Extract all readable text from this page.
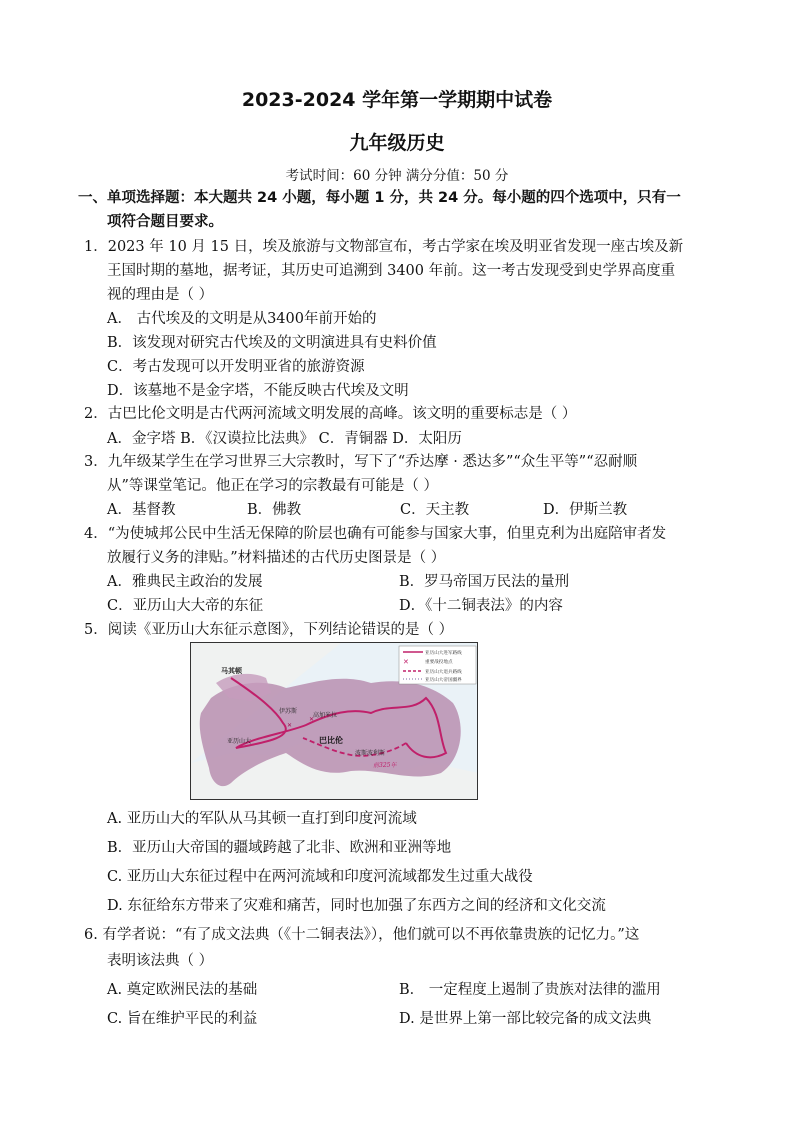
2023-2024 学年第一学期期中试卷
九年级历史
考试时间：60 分钟 满分分值：50 分
一、单项选择题：本大题共 24 小题，每小题 1 分，共 24 分。每小题的四个选项中，只有一
项符合题目要求。
1．2023 年 10 月 15 日，埃及旅游与文物部宣布，考古学家在埃及明亚省发现一座古埃及新
王国时期的墓地，据考证，其历史可追溯到 3400 年前。这一考古发现受到史学界高度重
视的理由是（ ）
A． 古代埃及的文明是从3400年前开始的
B．该发现对研究古代埃及的文明演进具有史料价值
C．考古发现可以开发明亚省的旅游资源
D．该墓地不是金字塔，不能反映古代埃及文明
2．古巴比伦文明是古代两河流域文明发展的高峰。该文明的重要标志是（ ）
A．金字塔 B．《汉谟拉比法典》 C．青铜器 D．太阳历
3．九年级某学生在学习世界三大宗教时，写下了“乔达摩 · 悉达多”“众生平等”“忍耐顺
从”等课堂笔记。他正在学习的宗教最有可能是（ ）
A．基督教	B．佛教	C．天主教	D．伊斯兰教
4．“为使城邦公民中生活无保障的阶层也确有可能参与国家大事，伯里克利为出庭陪审者发
放履行义务的津贴。”材料描述的古代历史图景是（ ）
A．雅典民主政治的发展	B．罗马帝国万民法的量刑
C．亚历山大大帝的东征	D．《十二铜表法》的内容
5．阅读《亚历山大东征示意图》，下列结论错误的是（ ）
✕
✕
✕
亚历山大进军路线
重要战役地点
亚历山大退兵路线
亚历山大帝国疆界
马其顿
伊苏斯
高加米拉
巴比伦
亚历山大
波斯波利斯
前325年
A. 亚历山大的军队从马其顿一直打到印度河流域
B．亚历山大帝国的疆域跨越了北非、欧洲和亚洲等地
C. 亚历山大东征过程中在两河流域和印度河流域都发生过重大战役
D. 东征给东方带来了灾难和痛苦，同时也加强了东西方之间的经济和文化交流
6. 有学者说：“有了成文法典（《十二铜表法》），他们就可以不再依靠贵族的记忆力。”这
表明该法典（ ）
A. 奠定欧洲民法的基础	B． 一定程度上遏制了贵族对法律的滥用
C. 旨在维护平民的利益	D. 是世界上第一部比较完备的成文法典
